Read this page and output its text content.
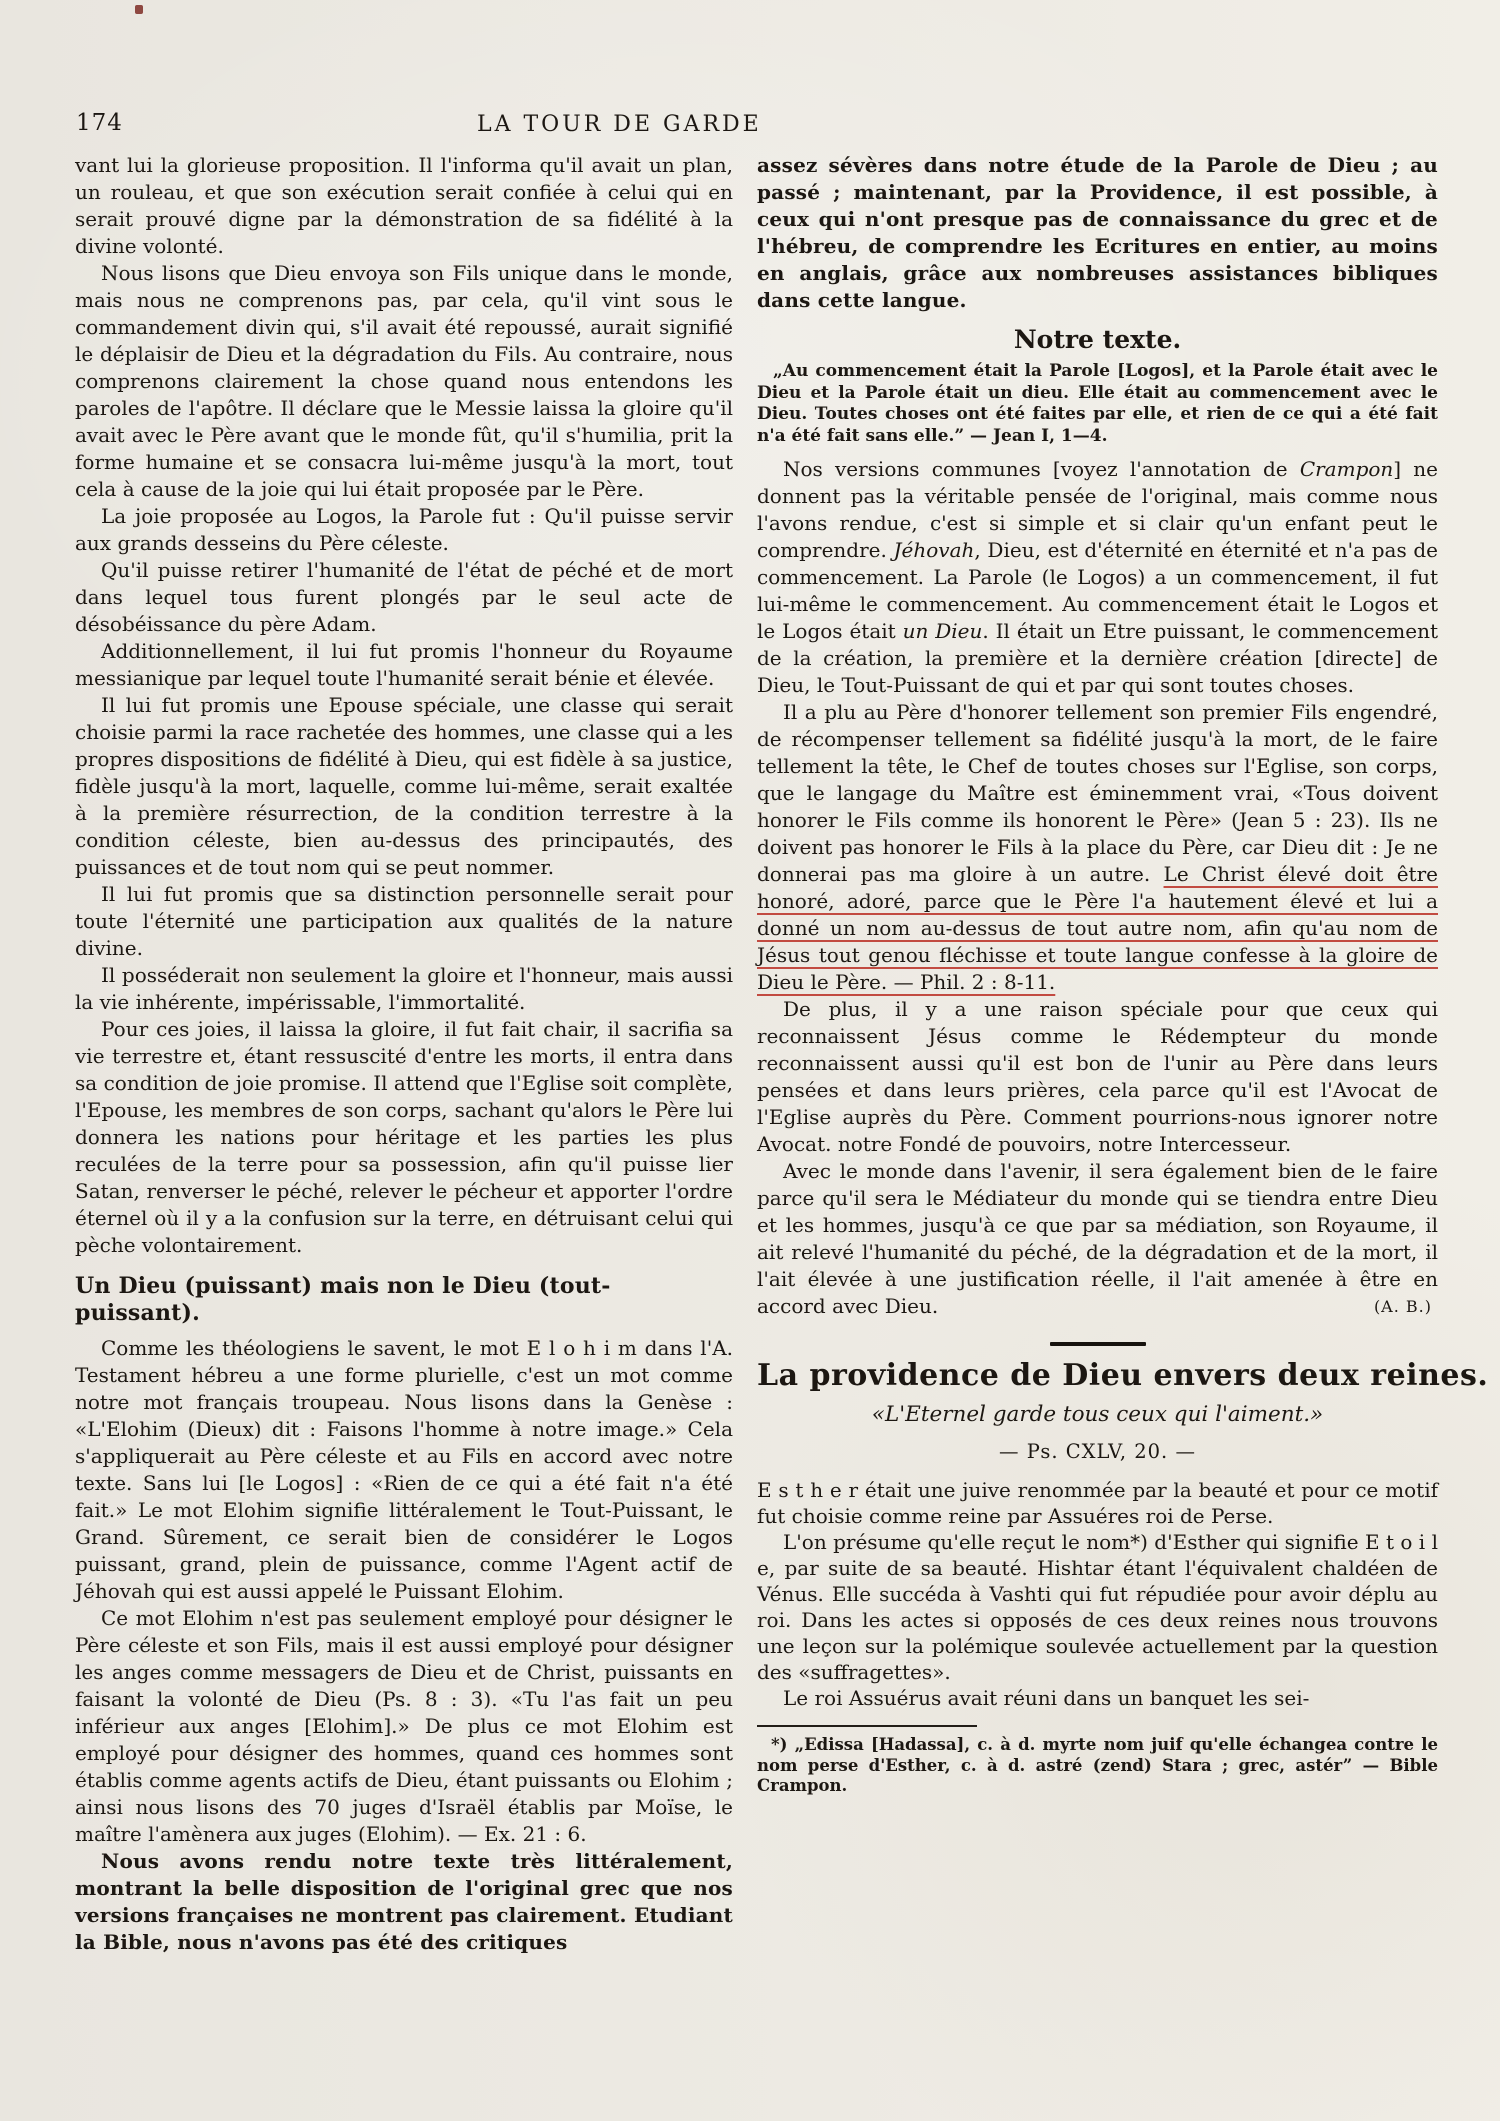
174	LA TOUR DE GARDE

vant lui la glorieuse proposition. Il l'informa qu'il avait un plan, un rouleau, et que son exécution serait confiée à celui qui en serait prouvé digne par la démonstration de sa fidélité à la divine volonté.

Nous lisons que Dieu envoya son Fils unique dans le monde, mais nous ne comprenons pas, par cela, qu'il vint sous le commandement divin qui, s'il avait été repoussé, aurait signifié le déplaisir de Dieu et la dégradation du Fils. Au contraire, nous comprenons clairement la chose quand nous entendons les paroles de l'apôtre. Il déclare que le Messie laissa la gloire qu'il avait avec le Père avant que le monde fût, qu'il s'humilia, prit la forme humaine et se consacra lui-même jusqu'à la mort, tout cela à cause de la joie qui lui était proposée par le Père.

La joie proposée au Logos, la Parole fut : Qu'il puisse servir aux grands desseins du Père céleste.

Qu'il puisse retirer l'humanité de l'état de péché et de mort dans lequel tous furent plongés par le seul acte de désobéissance du père Adam.

Additionnellement, il lui fut promis l'honneur du Royaume messianique par lequel toute l'humanité serait bénie et élevée.

Il lui fut promis une Epouse spéciale, une classe qui serait choisie parmi la race rachetée des hommes, une classe qui a les propres dispositions de fidélité à Dieu, qui est fidèle à sa justice, fidèle jusqu'à la mort, laquelle, comme lui-même, serait exaltée à la première résurrection, de la condition terrestre à la condition céleste, bien au-dessus des principautés, des puissances et de tout nom qui se peut nommer.

Il lui fut promis que sa distinction personnelle serait pour toute l'éternité une participation aux qualités de la nature divine.

Il posséderait non seulement la gloire et l'honneur, mais aussi la vie inhérente, impérissable, l'immortalité.

Pour ces joies, il laissa la gloire, il fut fait chair, il sacrifia sa vie terrestre et, étant ressuscité d'entre les morts, il entra dans sa condition de joie promise. Il attend que l'Eglise soit complète, l'Epouse, les membres de son corps, sachant qu'alors le Père lui donnera les nations pour héritage et les parties les plus reculées de la terre pour sa possession, afin qu'il puisse lier Satan, renverser le péché, relever le pécheur et apporter l'ordre éternel où il y a la confusion sur la terre, en détruisant celui qui pèche volontairement.

Un Dieu (puissant) mais non le Dieu (tout-puissant).

Comme les théologiens le savent, le mot E l o h i m dans l'A. Testament hébreu a une forme plurielle, c'est un mot comme notre mot français troupeau. Nous lisons dans la Genèse : «L'Elohim (Dieux) dit : Faisons l'homme à notre image.» Cela s'appliquerait au Père céleste et au Fils en accord avec notre texte. Sans lui [le Logos] : «Rien de ce qui a été fait n'a été fait.» Le mot Elohim signifie littéralement le Tout-Puissant, le Grand. Sûrement, ce serait bien de considérer le Logos puissant, grand, plein de puissance, comme l'Agent actif de Jéhovah qui est aussi appelé le Puissant Elohim.

Ce mot Elohim n'est pas seulement employé pour désigner le Père céleste et son Fils, mais il est aussi employé pour désigner les anges comme messagers de Dieu et de Christ, puissants en faisant la volonté de Dieu (Ps. 8 : 3). «Tu l'as fait un peu inférieur aux anges [Elohim].» De plus ce mot Elohim est employé pour désigner des hommes, quand ces hommes sont établis comme agents actifs de Dieu, étant puissants ou Elohim ; ainsi nous lisons des 70 juges d'Israël établis par Moïse, le maître l'amènera aux juges (Elohim). — Ex. 21 : 6.

Nous avons rendu notre texte très littéralement, montrant la belle disposition de l'original grec que nos versions françaises ne montrent pas clairement. Etudiant la Bible, nous n'avons pas été des critiques

assez sévères dans notre étude de la Parole de Dieu ; au passé ; maintenant, par la Providence, il est possible, à ceux qui n'ont presque pas de connaissance du grec et de l'hébreu, de comprendre les Ecritures en entier, au moins en anglais, grâce aux nombreuses assistances bibliques dans cette langue.

Notre texte.

„Au commencement était la Parole [Logos], et la Parole était avec le Dieu et la Parole était un dieu. Elle était au commencement avec le Dieu. Toutes choses ont été faites par elle, et rien de ce qui a été fait n'a été fait sans elle.” — Jean I, 1—4.

Nos versions communes [voyez l'annotation de Crampon] ne donnent pas la véritable pensée de l'original, mais comme nous l'avons rendue, c'est si simple et si clair qu'un enfant peut le comprendre. Jéhovah, Dieu, est d'éternité en éternité et n'a pas de commencement. La Parole (le Logos) a un commencement, il fut lui-même le commencement. Au commencement était le Logos et le Logos était un Dieu. Il était un Etre puissant, le commencement de la création, la première et la dernière création [directe] de Dieu, le Tout-Puissant de qui et par qui sont toutes choses.

Il a plu au Père d'honorer tellement son premier Fils engendré, de récompenser tellement sa fidélité jusqu'à la mort, de le faire tellement la tête, le Chef de toutes choses sur l'Eglise, son corps, que le langage du Maître est éminemment vrai, «Tous doivent honorer le Fils comme ils honorent le Père» (Jean 5 : 23). Ils ne doivent pas honorer le Fils à la place du Père, car Dieu dit : Je ne donnerai pas ma gloire à un autre. Le Christ élevé doit être honoré, adoré, parce que le Père l'a hautement élevé et lui a donné un nom au-dessus de tout autre nom, afin qu'au nom de Jésus tout genou fléchisse et toute langue confesse à la gloire de Dieu le Père. — Phil. 2 : 8-11.

De plus, il y a une raison spéciale pour que ceux qui reconnaissent Jésus comme le Rédempteur du monde reconnaissent aussi qu'il est bon de l'unir au Père dans leurs pensées et dans leurs prières, cela parce qu'il est l'Avocat de l'Eglise auprès du Père. Comment pourrions-nous ignorer notre Avocat. notre Fondé de pouvoirs, notre Intercesseur.

Avec le monde dans l'avenir, il sera également bien de le faire parce qu'il sera le Médiateur du monde qui se tiendra entre Dieu et les hommes, jusqu'à ce que par sa médiation, son Royaume, il ait relevé l'humanité du péché, de la dégradation et de la mort, il l'ait élevée à une justification réelle, il l'ait amenée à être en accord avec Dieu.	(A. B.)

La providence de Dieu envers deux reines.

«L'Eternel garde tous ceux qui l'aiment.»

— Ps. CXLV, 20. —

E s t h e r était une juive renommée par la beauté et pour ce motif fut choisie comme reine par Assuéres roi de Perse.

L'on présume qu'elle reçut le nom*) d'Esther qui signifie E t o i l e, par suite de sa beauté. Hishtar étant l'équivalent chaldéen de Vénus. Elle succéda à Vashti qui fut répudiée pour avoir déplu au roi. Dans les actes si opposés de ces deux reines nous trouvons une leçon sur la polémique soulevée actuellement par la question des «suffragettes».

Le roi Assuérus avait réuni dans un banquet les sei-

*) „Edissa [Hadassa], c. à d. myrte nom juif qu'elle échangea contre le nom perse d'Esther, c. à d. astré (zend) Stara ; grec, astér” — Bible Crampon.
